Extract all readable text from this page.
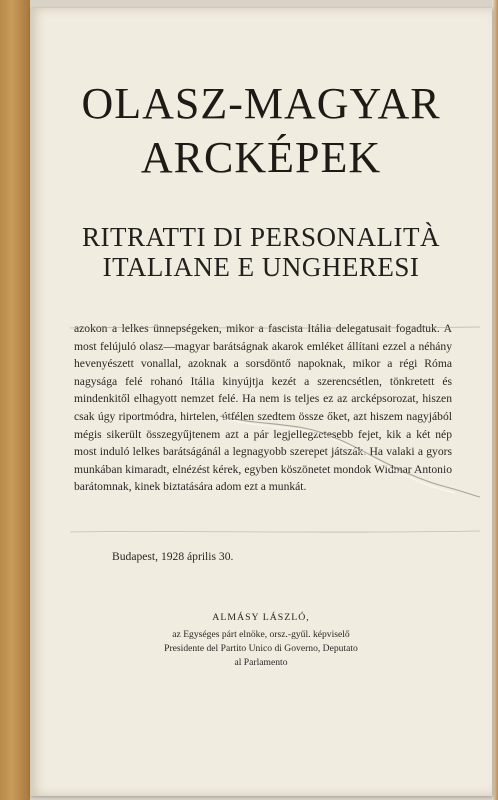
OLASZ-MAGYAR
ARCKÉPEK
RITRATTI DI PERSONALITÀ
ITALIANE E UNGHERESI

azokon a lelkes ünnepségeken, mikor a fascista Itália delegatusait fogadtuk. A most felújuló olasz—magyar barátságnak akarok emléket állítani ezzel a néhány hevenyészett vonallal, azoknak a sorsdöntő napoknak, mikor a régi Róma nagysága felé rohanó Itália kinyújtja kezét a szerencsétlen, tönkretett és mindenkitől elhagyott nemzet felé. Ha nem is teljes ez az arcképsorozat, hiszen csak úgy riportmódra, hirtelen, útfélen szedtem össze őket, azt hiszem nagyjából mégis sikerült összegyűjtenem azt a pár legjellegzetesebb fejet, kik a két nép most induló lelkes barátságánál a legnagyobb szerepet játszák. Ha valaki a gyors munkában kimaradt, elnézést kérek, egyben köszönetet mondok Widmar Antonio barátomnak, kinek biztatására adom ezt a munkát.

Budapest, 1928 április 30.
ALMÁSY LÁSZLÓ,
az Egységes párt elnöke, orsz.-gyűl. képviselő
Presidente del Partito Unico di Governo, Deputato
al Parlamento
